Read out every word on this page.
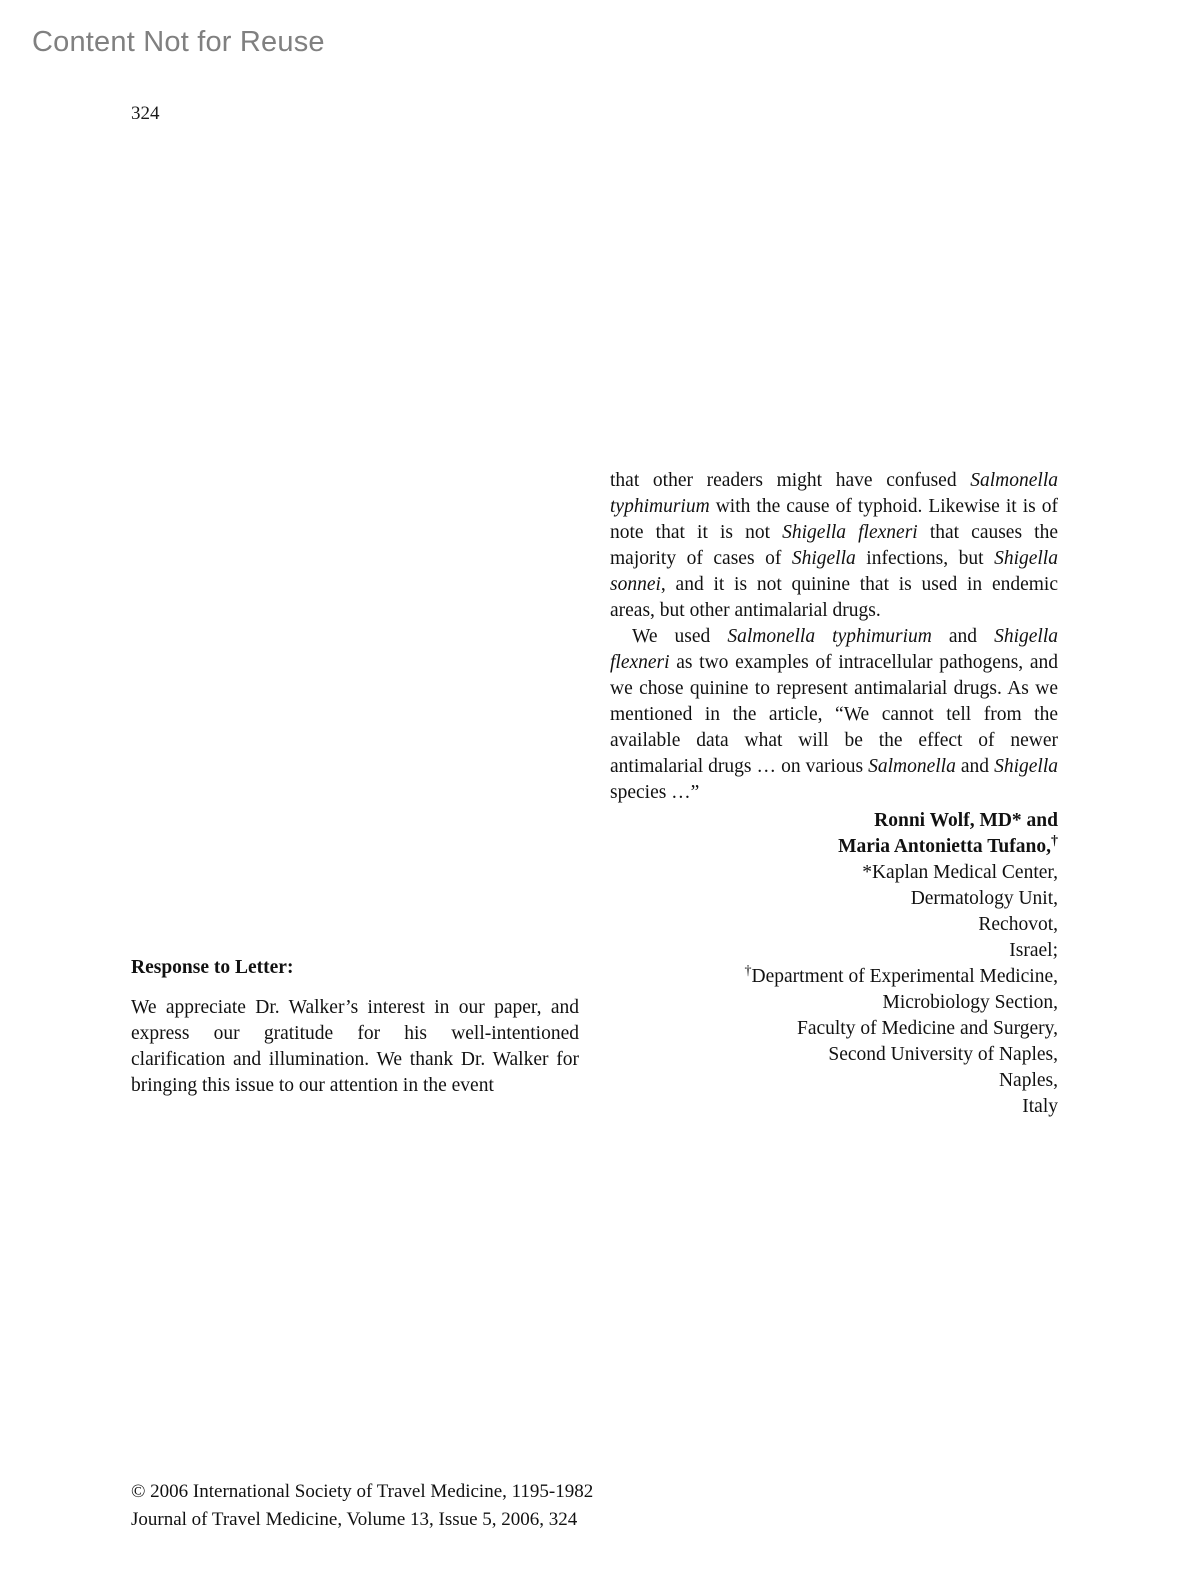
Content Not for Reuse
324

that other readers might have confused Salmonella typhimurium with the cause of typhoid. Likewise it is of note that it is not Shigella flexneri that causes the majority of cases of Shigella infections, but Shigella sonnei, and it is not quinine that is used in endemic areas, but other antimalarial drugs.

We used Salmonella typhimurium and Shigella flexneri as two examples of intracellular pathogens, and we chose quinine to represent antimalarial drugs. As we mentioned in the article, “We cannot tell from the available data what will be the effect of newer antimalarial drugs … on various Salmonella and Shigella species …”

Ronni Wolf, MD* and
Maria Antonietta Tufano,†
*Kaplan Medical Center,
Dermatology Unit,
Rechovot,
Israel;
†Department of Experimental Medicine,
Microbiology Section,
Faculty of Medicine and Surgery,
Second University of Naples,
Naples,
Italy
Response to Letter:

We appreciate Dr. Walker’s interest in our paper, and express our gratitude for his well-intentioned clarification and illumination. We thank Dr. Walker for bringing this issue to our attention in the event

© 2006 International Society of Travel Medicine, 1195-1982
Journal of Travel Medicine, Volume 13, Issue 5, 2006, 324
